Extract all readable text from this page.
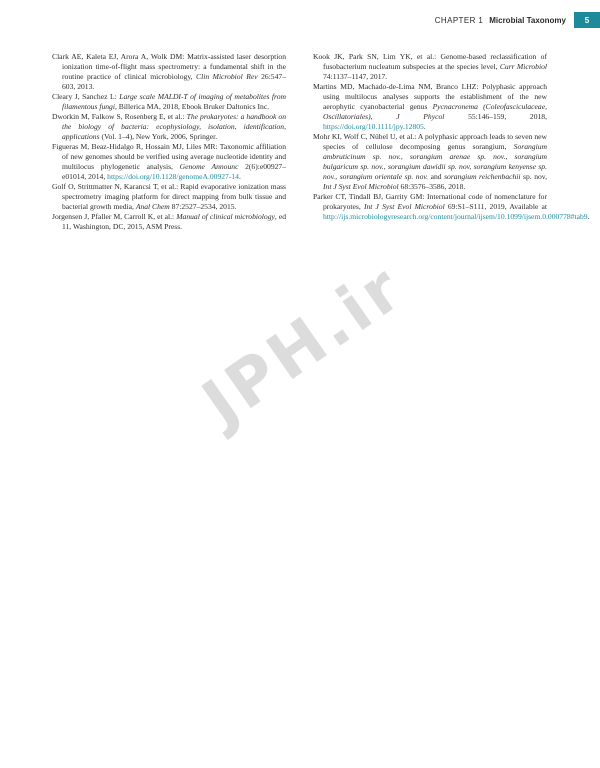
CHAPTER 1 Microbial Taxonomy	5

Clark AE, Kaleta EJ, Arora A, Wolk DM: Matrix-assisted laser desorption ionization time-of-flight mass spectrometry: a fundamental shift in the routine practice of clinical microbiology, Clin Microbiol Rev 26:547–603, 2013.

Cleary J, Sanchez L: Large scale MALDI-T of imaging of metabolites from filamentous fungi, Billerica MA, 2018, Ebook Bruker Daltonics Inc.

Dworkin M, Falkow S, Rosenberg E, et al.: The prokaryotes: a handbook on the biology of bacteria: ecophysiology, isolation, identification, applications (Vol. 1–4), New York, 2006, Springer.

Figueras M, Beaz-Hidalgo R, Hossain MJ, Liles MR: Taxonomic affiliation of new genomes should be verified using average nucleotide identity and multilocus phylogenetic analysis, Genome Announc 2(6):e00927–e01014, 2014, https://doi.org/10.1128/genomeA.00927-14.

Golf O, Strittmatter N, Karancsi T, et al.: Rapid evaporative ionization mass spectrometry imaging platform for direct mapping from bulk tissue and bacterial growth media, Anal Chem 87:2527–2534, 2015.

Jorgensen J, Pfaller M, Carroll K, et al.: Manual of clinical microbiology, ed 11, Washington, DC, 2015, ASM Press.

Kook JK, Park SN, Lim YK, et al.: Genome-based reclassification of fusobacterium nucleatum subspecies at the species level, Curr Microbiol 74:1137–1147, 2017.

Martins MD, Machado-de-Lima NM, Branco LHZ: Polyphasic approach using multilocus analyses supports the establishment of the new aerophytic cyanobacterial genus Pycnacronema (Coleofasciculaceae, Oscillatoriales), J Phycol 55:146–159, 2018, https://doi.org/10.1111/jpy.12805.

Mohr KI, Wolf C, Nübel U, et al.: A polyphasic approach leads to seven new species of cellulose decomposing genus sorangium, Sorangium ambruticinum sp. nov., sorangium arenae sp. nov., sorangium bulgaricum sp. nov., sorangium dawidii sp. nov, sorangium kenyense sp. nov., sorangium orientale sp. nov. and sorangium reichenbachii sp. nov, Int J Syst Evol Microbiol 68:3576–3586, 2018.

Parker CT, Tindall BJ, Garrity GM: International code of nomenclature for prokaryotes, Int J Syst Evol Microbiol 69:S1–S111, 2019, Available at http://ijs.microbiologyresearch.org/content/journal/ijsem/10.1099/ijsem.0.000778#tab9.

JPH.ir
